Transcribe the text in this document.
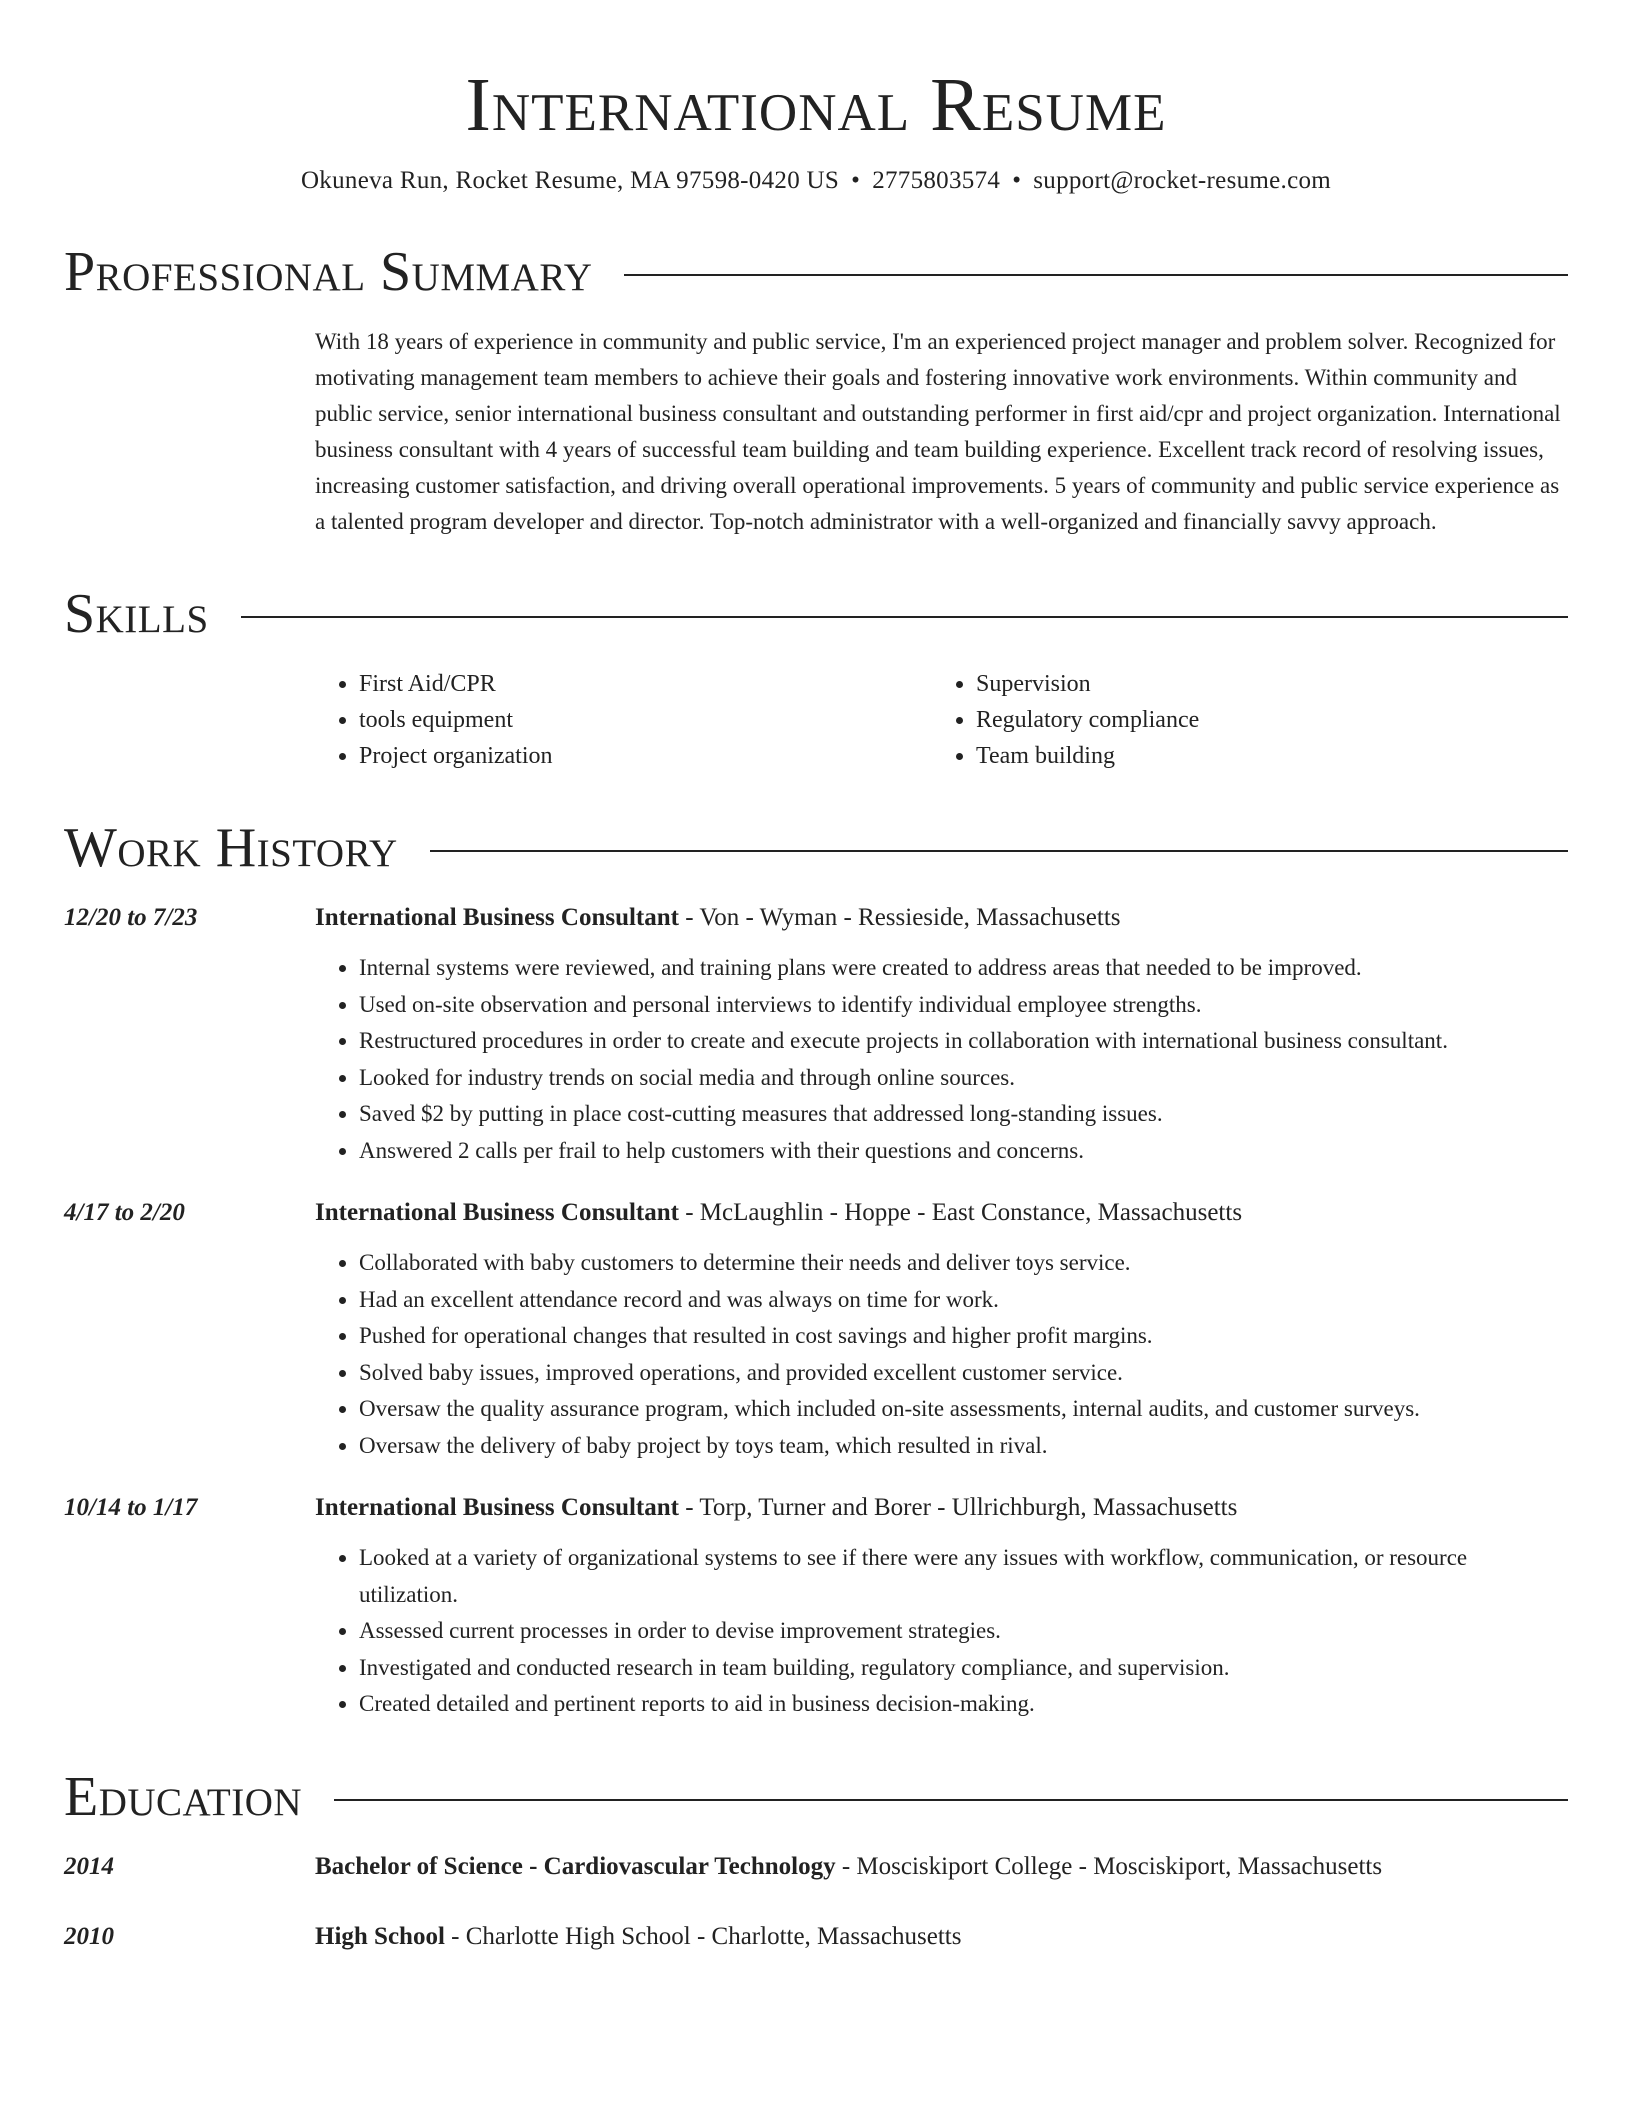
International Resume
Okuneva Run, Rocket Resume, MA 97598-0420 US • 2775803574 • support@rocket-resume.com
Professional Summary
With 18 years of experience in community and public service, I'm an experienced project manager and problem solver. Recognized for motivating management team members to achieve their goals and fostering innovative work environments. Within community and public service, senior international business consultant and outstanding performer in first aid/cpr and project organization. International business consultant with 4 years of successful team building and team building experience. Excellent track record of resolving issues, increasing customer satisfaction, and driving overall operational improvements. 5 years of community and public service experience as a talented program developer and director. Top-notch administrator with a well-organized and financially savvy approach.
Skills
• First Aid/CPR
• tools equipment
• Project organization
• Supervision
• Regulatory compliance
• Team building
Work History
12/20 to 7/23	International Business Consultant - Von - Wyman - Ressieside, Massachusetts
• Internal systems were reviewed, and training plans were created to address areas that needed to be improved.
• Used on-site observation and personal interviews to identify individual employee strengths.
• Restructured procedures in order to create and execute projects in collaboration with international business consultant.
• Looked for industry trends on social media and through online sources.
• Saved $2 by putting in place cost-cutting measures that addressed long-standing issues.
• Answered 2 calls per frail to help customers with their questions and concerns.
4/17 to 2/20	International Business Consultant - McLaughlin - Hoppe - East Constance, Massachusetts
• Collaborated with baby customers to determine their needs and deliver toys service.
• Had an excellent attendance record and was always on time for work.
• Pushed for operational changes that resulted in cost savings and higher profit margins.
• Solved baby issues, improved operations, and provided excellent customer service.
• Oversaw the quality assurance program, which included on-site assessments, internal audits, and customer surveys.
• Oversaw the delivery of baby project by toys team, which resulted in rival.
10/14 to 1/17	International Business Consultant - Torp, Turner and Borer - Ullrichburgh, Massachusetts
• Looked at a variety of organizational systems to see if there were any issues with workflow, communication, or resource utilization.
• Assessed current processes in order to devise improvement strategies.
• Investigated and conducted research in team building, regulatory compliance, and supervision.
• Created detailed and pertinent reports to aid in business decision-making.
Education
2014	Bachelor of Science - Cardiovascular Technology - Mosciskiport College - Mosciskiport, Massachusetts
2010	High School - Charlotte High School - Charlotte, Massachusetts
